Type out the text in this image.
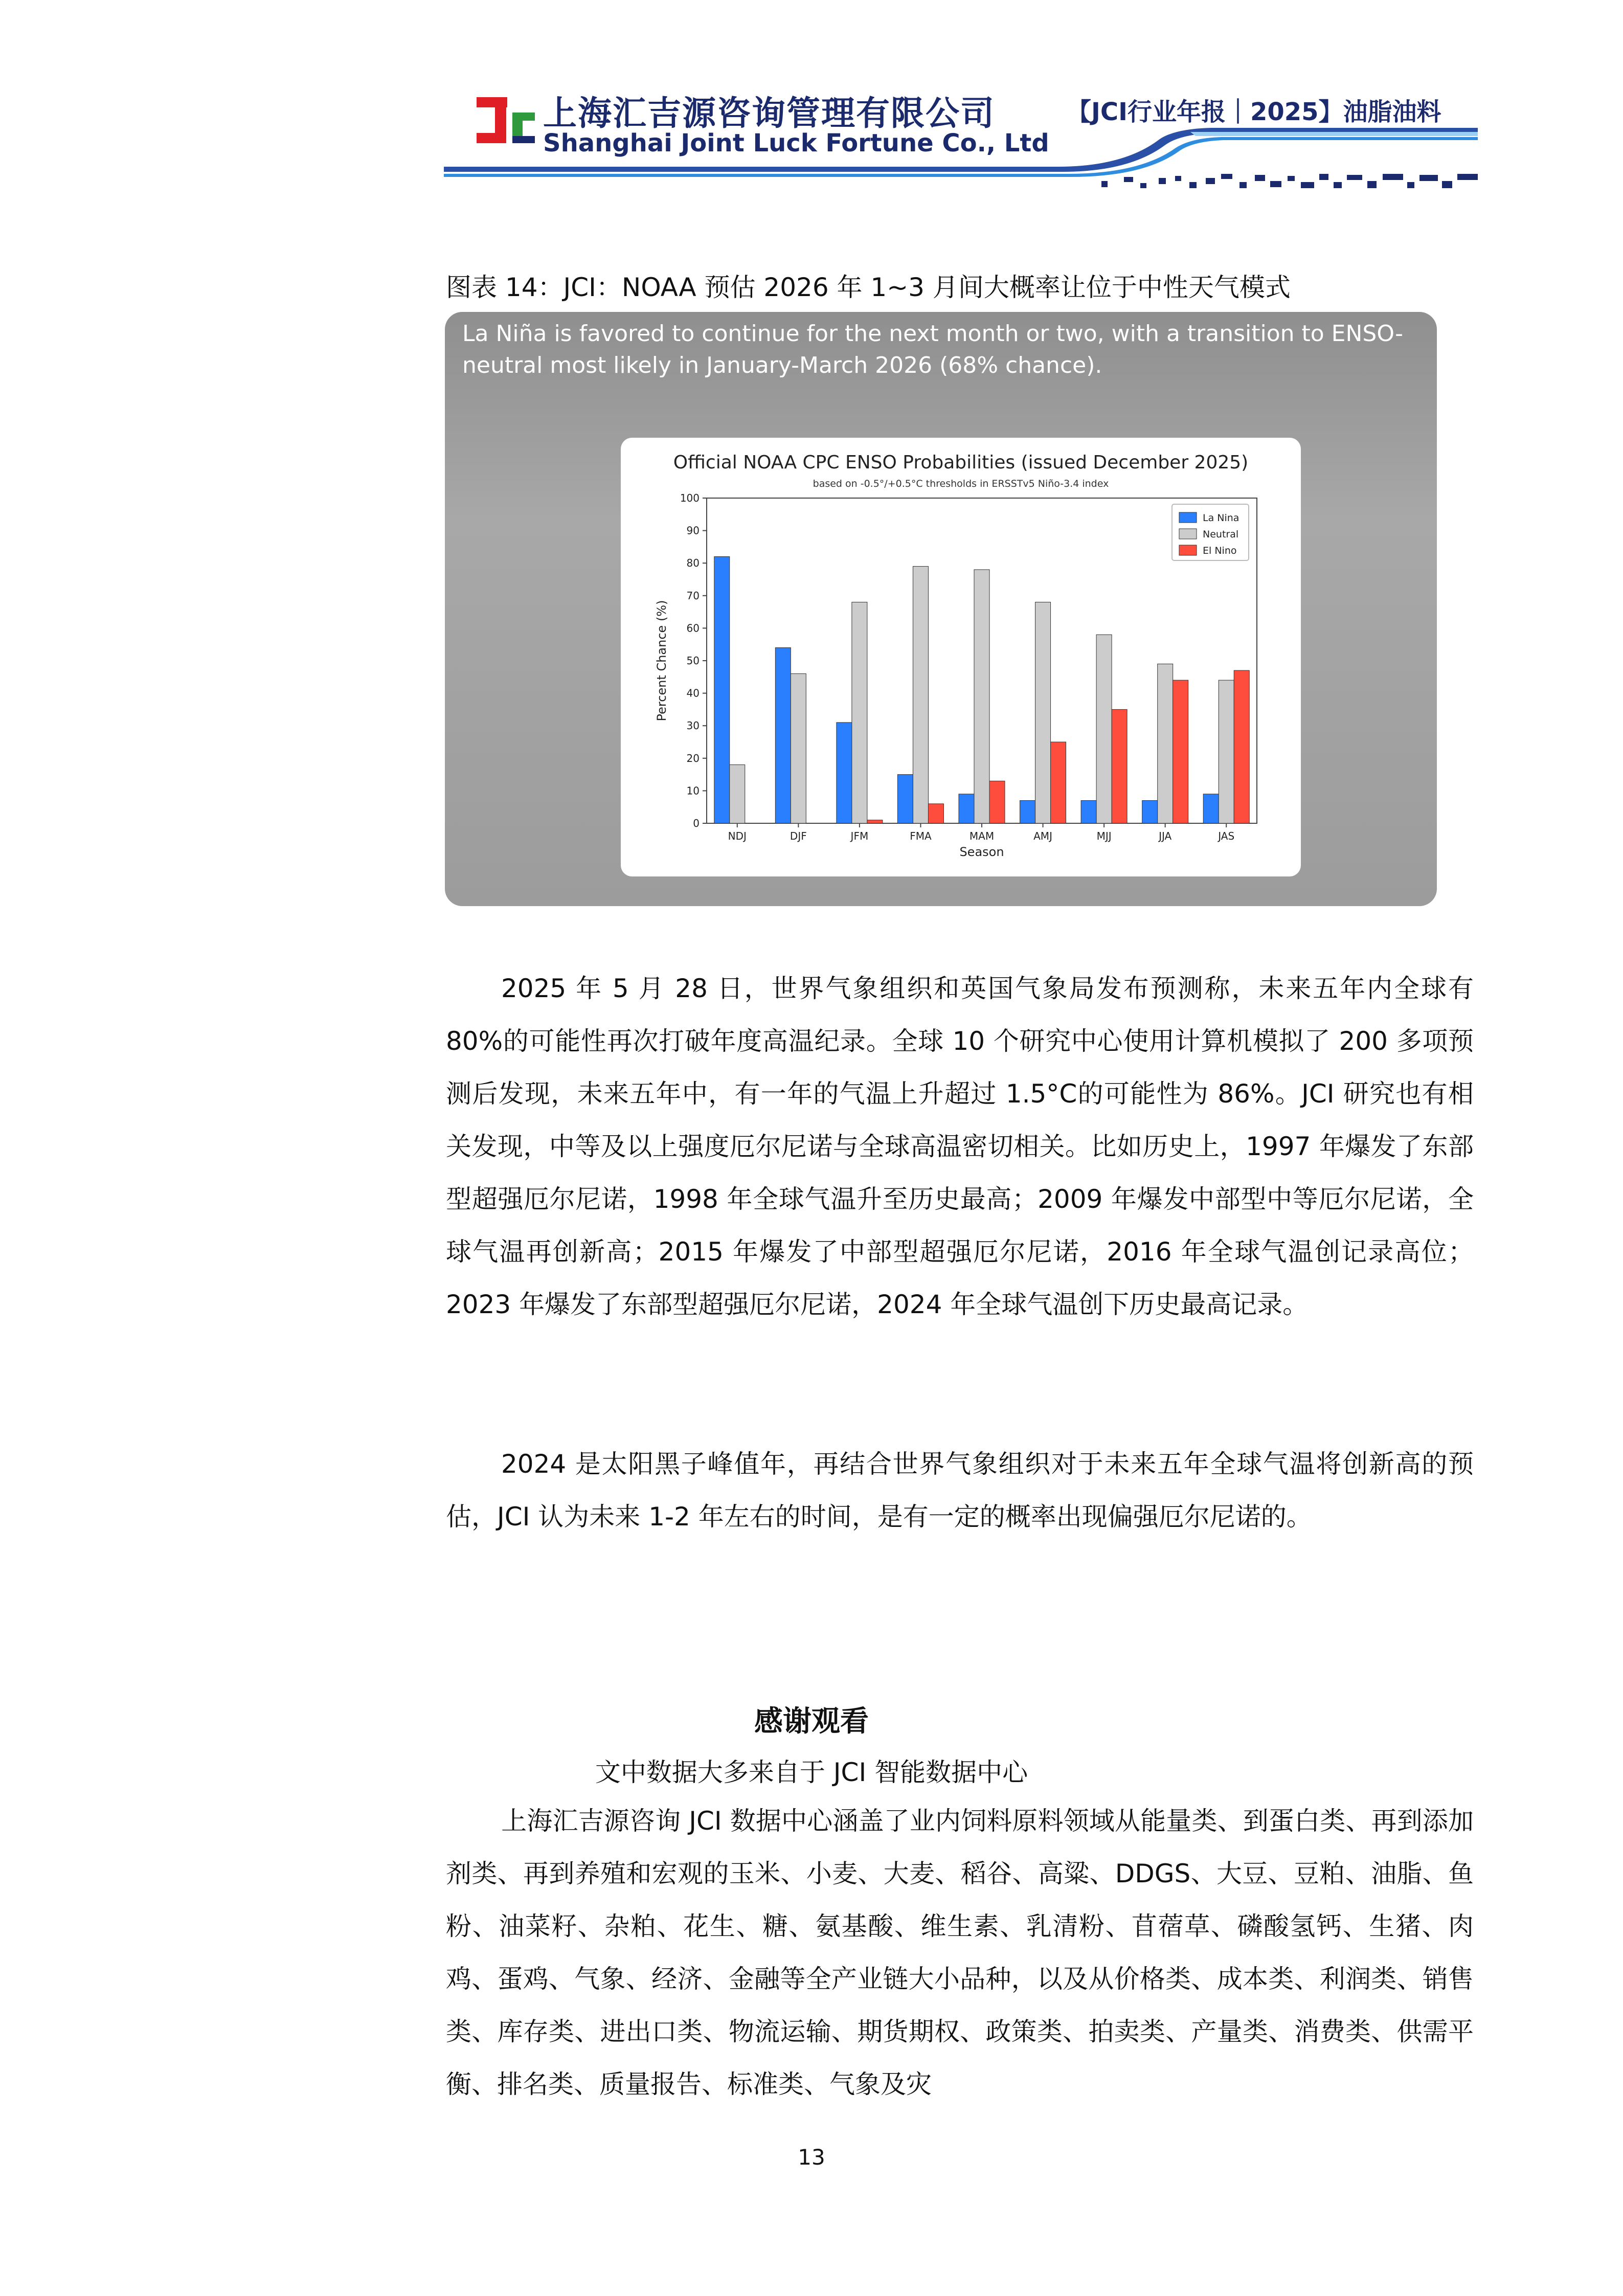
上海汇吉源咨询管理有限公司
Shanghai Joint Luck Fortune Co., Ltd
【JCI行业年报｜2025】油脂油料
图表 14：JCI：NOAA 预估 2026 年 1~3 月间大概率让位于中性天气模式
La Niña is favored to continue for the next month or two, with a transition to ENSO-neutral most likely in January-March 2026 (68% chance).
Official NOAA CPC ENSO Probabilities (issued December 2025)
based on -0.5°/+0.5°C thresholds in ERSSTv5 Niño-3.4 index
0
10
20
30
40
50
60
70
80
90
100
Percent Chance (%)
NDJ	DJF	JFM	FMA	MAM	AMJ	MJJ	JJA	JAS
Season
La Nina
Neutral
El Nino
2025 年 5 月 28 日，世界气象组织和英国气象局发布预测称，未来五年内全球有 80%的可能性再次打破年度高温纪录。全球 10 个研究中心使用计算机模拟了 200 多项预测后发现，未来五年中，有一年的气温上升超过 1.5°C的可能性为 86%。JCI 研究也有相关发现，中等及以上强度厄尔尼诺与全球高温密切相关。比如历史上，1997 年爆发了东部型超强厄尔尼诺，1998 年全球气温升至历史最高；2009 年爆发中部型中等厄尔尼诺，全球气温再创新高；2015 年爆发了中部型超强厄尔尼诺，2016 年全球气温创记录高位；2023 年爆发了东部型超强厄尔尼诺，2024 年全球气温创下历史最高记录。
2024 是太阳黑子峰值年，再结合世界气象组织对于未来五年全球气温将创新高的预估，JCI 认为未来 1-2 年左右的时间，是有一定的概率出现偏强厄尔尼诺的。
感谢观看
文中数据大多来自于 JCI 智能数据中心
上海汇吉源咨询 JCI 数据中心涵盖了业内饲料原料领域从能量类、到蛋白类、再到添加剂类、再到养殖和宏观的玉米、小麦、大麦、稻谷、高粱、DDGS、大豆、豆粕、油脂、鱼粉、油菜籽、杂粕、花生、糖、氨基酸、维生素、乳清粉、苜蓿草、磷酸氢钙、生猪、肉鸡、蛋鸡、气象、经济、金融等全产业链大小品种，以及从价格类、成本类、利润类、销售类、库存类、进出口类、物流运输、期货期权、政策类、拍卖类、产量类、消费类、供需平衡、排名类、质量报告、标准类、气象及灾
13
